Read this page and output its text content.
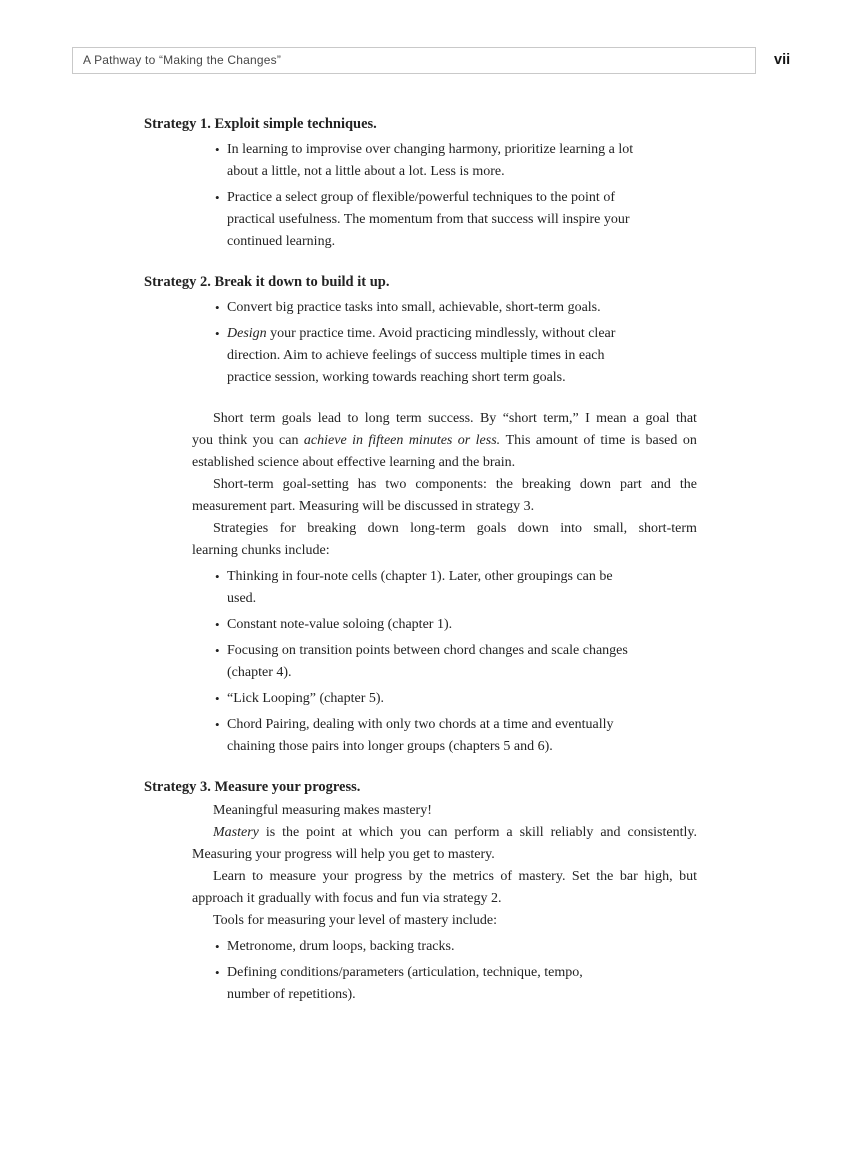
A Pathway to “Making the Changes”	vii
Strategy 1. Exploit simple techniques.
• In learning to improvise over changing harmony, prioritize learning a lot
about a little, not a little about a lot. Less is more.
• Practice a select group of flexible/powerful techniques to the point of
practical usefulness. The momentum from that success will inspire your
continued learning.
Strategy 2. Break it down to build it up.
• Convert big practice tasks into small, achievable, short-term goals.
• Design your practice time. Avoid practicing mindlessly, without clear
direction. Aim to achieve feelings of success multiple times in each
practice session, working towards reaching short term goals.
Short term goals lead to long term success. By “short term,” I mean a goal that
you think you can achieve in fifteen minutes or less. This amount of time is based on
established science about effective learning and the brain.
Short-term goal-setting has two components: the breaking down part and the
measurement part. Measuring will be discussed in strategy 3.
Strategies for breaking down long-term goals down into small, short-term
learning chunks include:
• Thinking in four-note cells (chapter 1). Later, other groupings can be
used.
• Constant note-value soloing (chapter 1).
• Focusing on transition points between chord changes and scale changes
(chapter 4).
• “Lick Looping” (chapter 5).
• Chord Pairing, dealing with only two chords at a time and eventually
chaining those pairs into longer groups (chapters 5 and 6).
Strategy 3. Measure your progress.
Meaningful measuring makes mastery!
Mastery is the point at which you can perform a skill reliably and consistently.
Measuring your progress will help you get to mastery.
Learn to measure your progress by the metrics of mastery. Set the bar high, but
approach it gradually with focus and fun via strategy 2.
Tools for measuring your level of mastery include:
• Metronome, drum loops, backing tracks.
• Defining conditions/parameters (articulation, technique, tempo,
number of repetitions).
